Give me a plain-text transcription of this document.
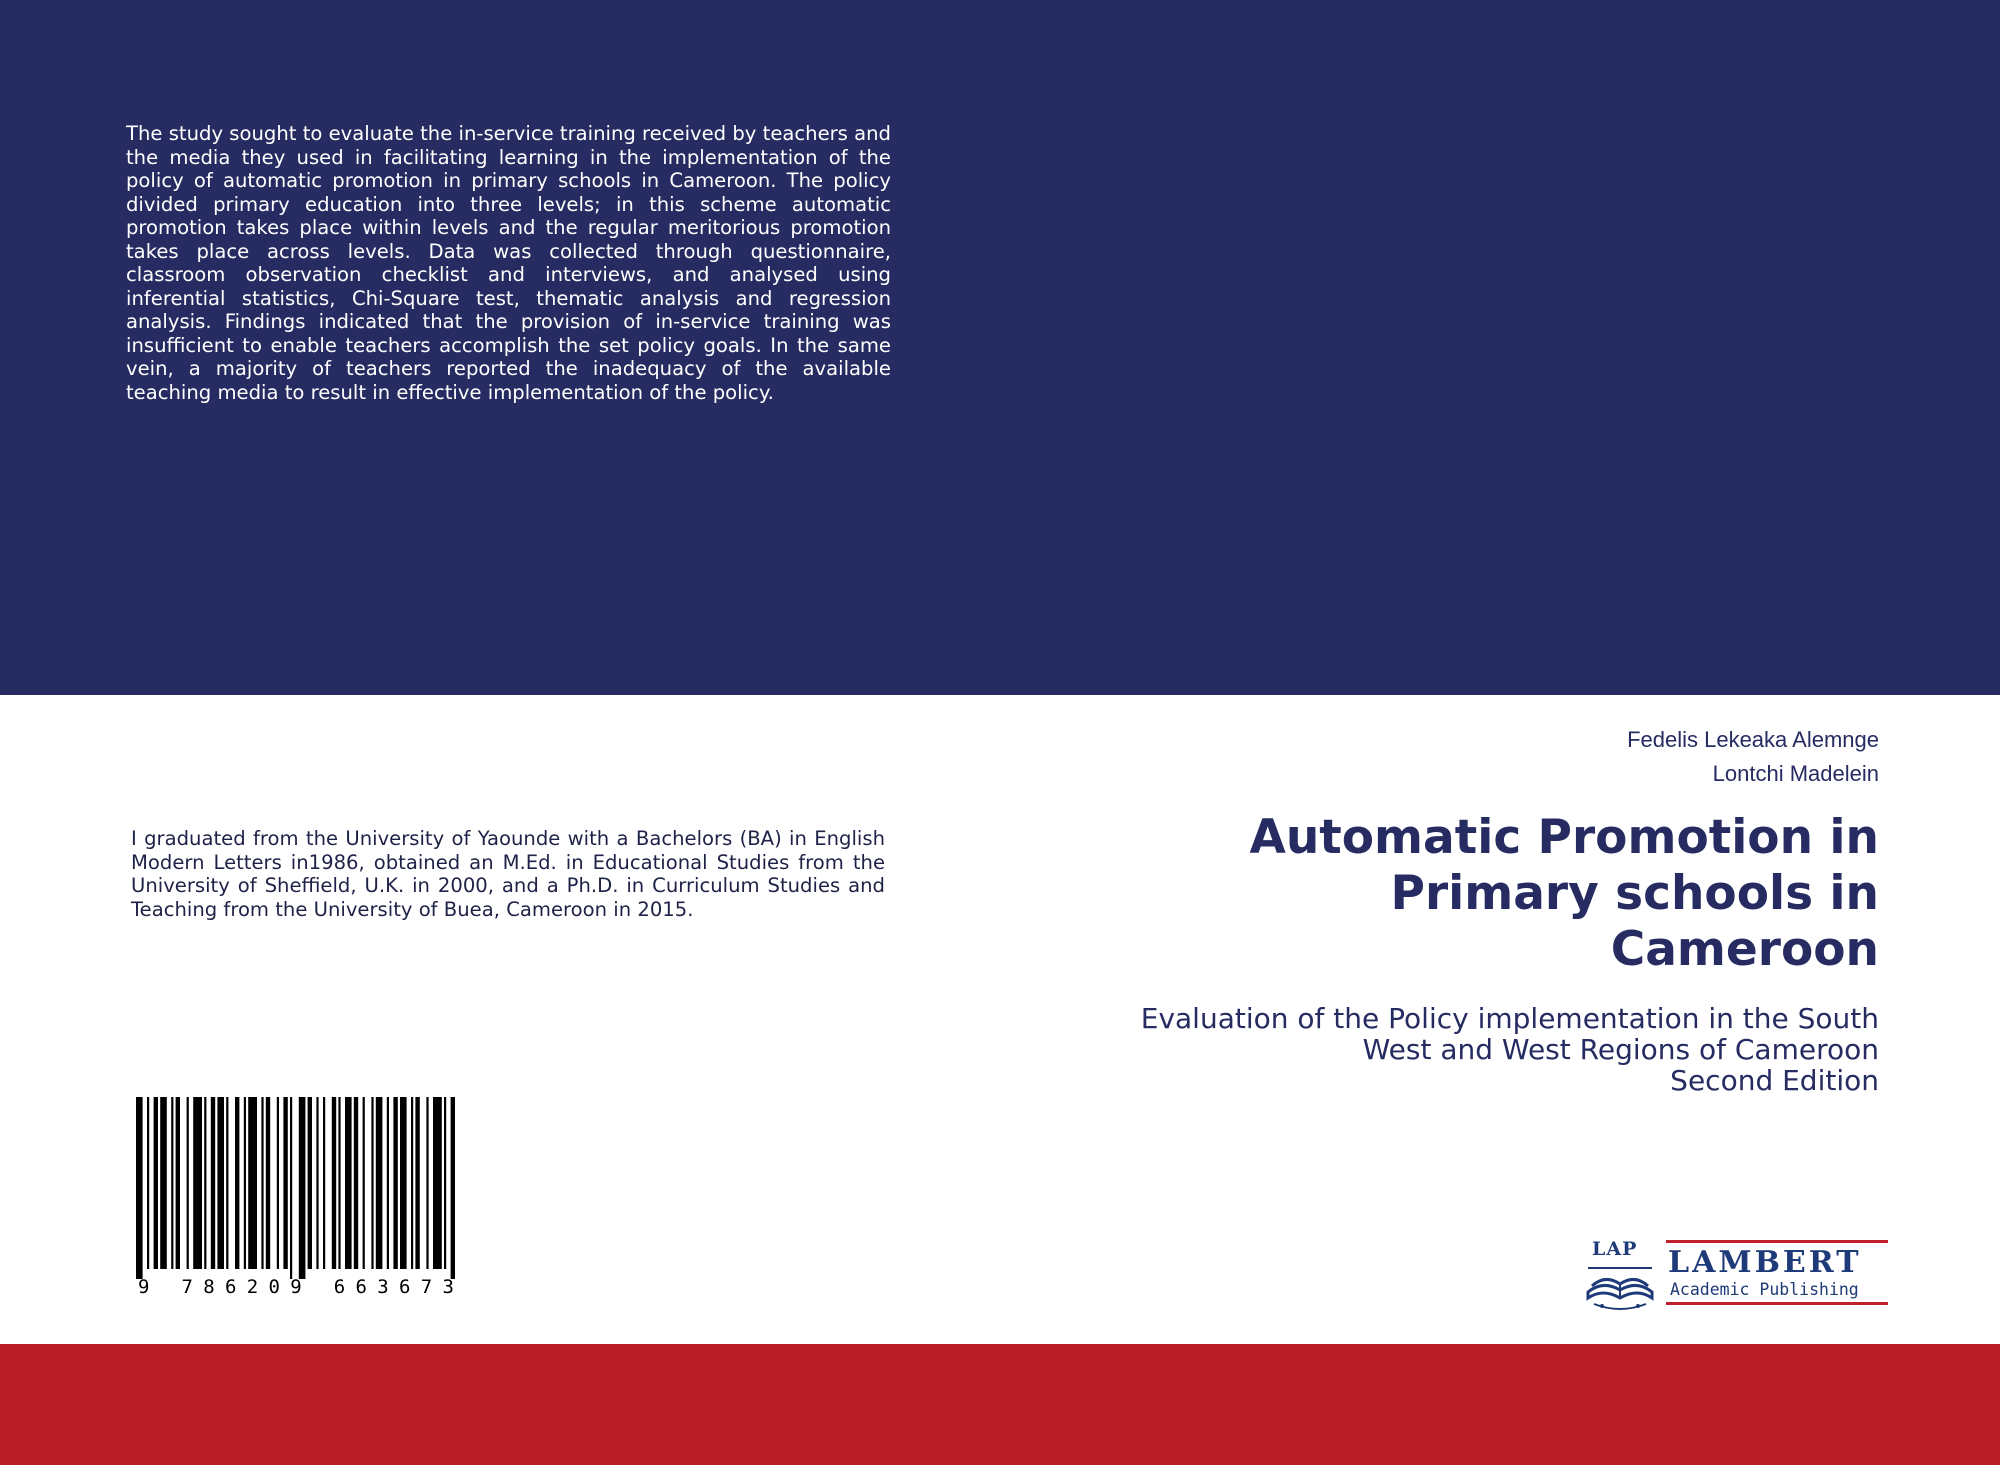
The study sought to evaluate the in-service training received by teachers and the media they used in facilitating learning in the implementation of the policy of automatic promotion in primary schools in Cameroon. The policy divided primary education into three levels; in this scheme automatic promotion takes place within levels and the regular meritorious promotion takes place across levels. Data was collected through questionnaire, classroom observation checklist and interviews, and analysed using inferential statistics, Chi-Square test, thematic analysis and regression analysis. Findings indicated that the provision of in-service training was insufficient to enable teachers accomplish the set policy goals. In the same vein, a majority of teachers reported the inadequacy of the available teaching media to result in effective implementation of the policy.

I graduated from the University of Yaounde with a Bachelors (BA) in English Modern Letters in1986, obtained an M.Ed. in Educational Studies from the University of Sheffield, U.K. in 2000, and a Ph.D. in Curriculum Studies and Teaching from the University of Buea, Cameroon in 2015.

Fedelis Lekeaka Alemnge
Lontchi Madelein
Automatic Promotion in Primary schools in Cameroon
Evaluation of the Policy implementation in the South
West and West Regions of Cameroon
Second Edition
9 786209 663673
LAP LAMBERT
Academic Publishing
